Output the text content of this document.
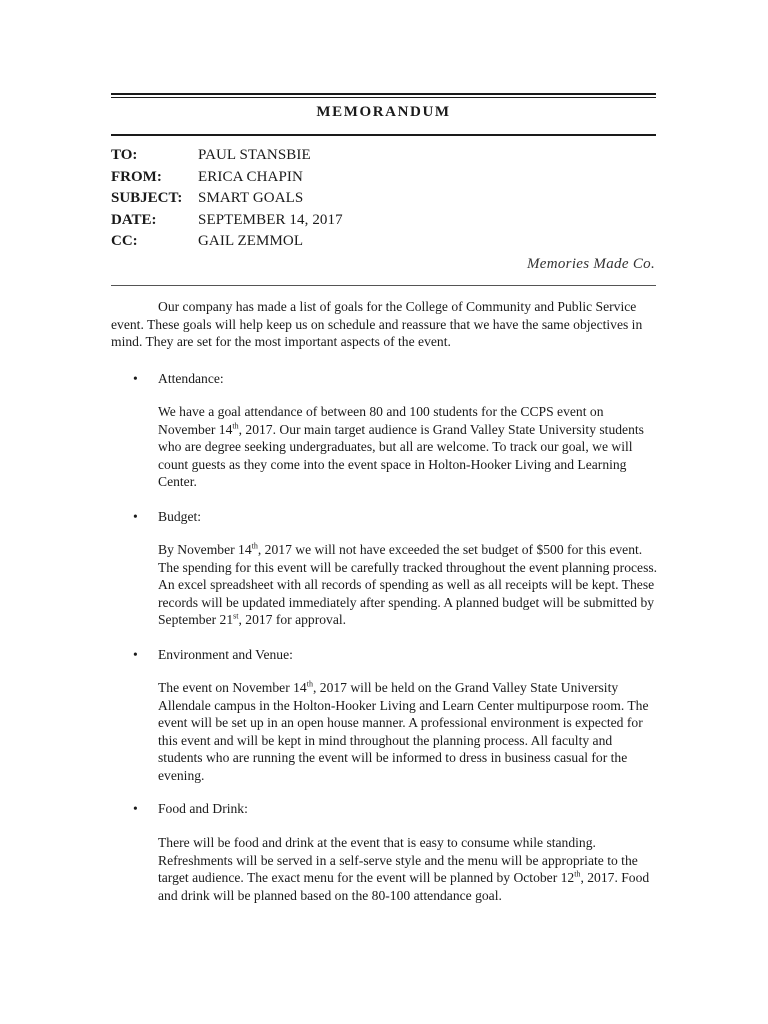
MEMORANDUM
TO:	PAUL STANSBIE
FROM:	ERICA CHAPIN
SUBJECT:	SMART GOALS
DATE:	SEPTEMBER 14, 2017
CC:	GAIL ZEMMOL
Memories Made Co.
Our company has made a list of goals for the College of Community and Public Service event. These goals will help keep us on schedule and reassure that we have the same objectives in mind. They are set for the most important aspects of the event.
•	Attendance:
We have a goal attendance of between 80 and 100 students for the CCPS event on November 14th, 2017. Our main target audience is Grand Valley State University students who are degree seeking undergraduates, but all are welcome. To track our goal, we will count guests as they come into the event space in Holton-Hooker Living and Learning Center.
•	Budget:
By November 14th, 2017 we will not have exceeded the set budget of $500 for this event. The spending for this event will be carefully tracked throughout the event planning process. An excel spreadsheet with all records of spending as well as all receipts will be kept. These records will be updated immediately after spending. A planned budget will be submitted by September 21st, 2017 for approval.
•	Environment and Venue:
The event on November 14th, 2017 will be held on the Grand Valley State University Allendale campus in the Holton-Hooker Living and Learn Center multipurpose room. The event will be set up in an open house manner. A professional environment is expected for this event and will be kept in mind throughout the planning process. All faculty and students who are running the event will be informed to dress in business casual for the evening.
•	Food and Drink:
There will be food and drink at the event that is easy to consume while standing. Refreshments will be served in a self-serve style and the menu will be appropriate to the target audience. The exact menu for the event will be planned by October 12th, 2017. Food and drink will be planned based on the 80-100 attendance goal.
